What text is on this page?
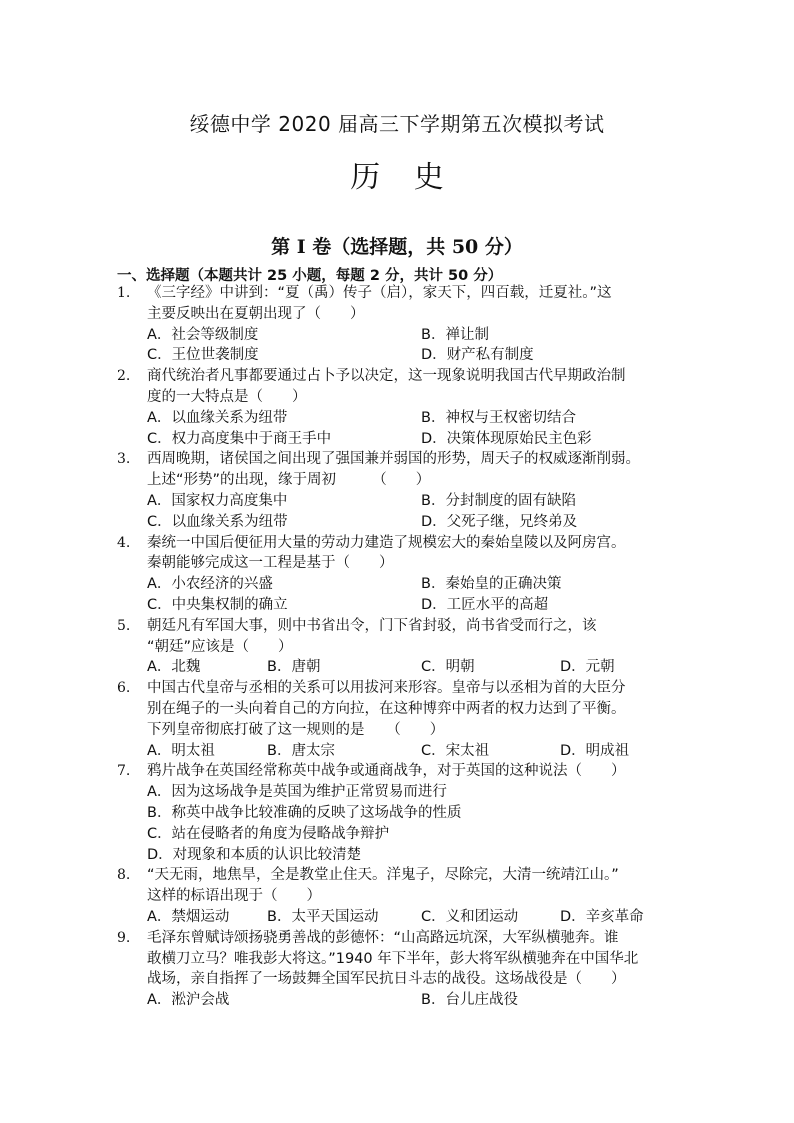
绥德中学 2020 届高三下学期第五次模拟考试
历 史
第 I 卷（选择题，共 50 分）
一、选择题（本题共计 25 小题，每题 2 分，共计 50 分）
1.	《三字经》中讲到：“夏（禹）传子（启），家天下，四百载，迁夏社。”这
主要反映出在夏朝出现了（　　）
A．社会等级制度	B．禅让制
C．王位世袭制度	D．财产私有制度
2.	商代统治者凡事都要通过占卜予以决定，这一现象说明我国古代早期政治制
度的一大特点是（　　）
A．以血缘关系为纽带	B．神权与王权密切结合
C．权力高度集中于商王手中	D．决策体现原始民主色彩
3.	西周晚期，诸侯国之间出现了强国兼并弱国的形势，周天子的权威逐渐削弱。
上述“形势”的出现，缘于周初　　　（　　）
A．国家权力高度集中	B．分封制度的固有缺陷
C．以血缘关系为纽带	D．父死子继，兄终弟及
4.	秦统一中国后便征用大量的劳动力建造了规模宏大的秦始皇陵以及阿房宫。
秦朝能够完成这一工程是基于（　　）
A．小农经济的兴盛	B．秦始皇的正确决策
C．中央集权制的确立	D．工匠水平的高超
5.	朝廷凡有军国大事，则中书省出令，门下省封驳，尚书省受而行之，该
“朝廷”应该是（　　）
A．北魏	B．唐朝	C．明朝	D．元朝
6.	中国古代皇帝与丞相的关系可以用拔河来形容。皇帝与以丞相为首的大臣分
别在绳子的一头向着自己的方向拉，在这种博弈中两者的权力达到了平衡。
下列皇帝彻底打破了这一规则的是　　（　　）
A．明太祖	B．唐太宗	C．宋太祖	D．明成祖
7.	鸦片战争在英国经常称英中战争或通商战争，对于英国的这种说法（　　）
A．因为这场战争是英国为维护正常贸易而进行
B．称英中战争比较准确的反映了这场战争的性质
C．站在侵略者的角度为侵略战争辩护
D．对现象和本质的认识比较清楚
8.	“天无雨，地焦旱，全是教堂止住天。洋鬼子，尽除完，大清一统靖江山。”
这样的标语出现于（　　）
A．禁烟运动	B．太平天国运动	C．义和团运动	D．辛亥革命
9.	毛泽东曾赋诗颂扬骁勇善战的彭德怀：“山高路远坑深，大军纵横驰奔。谁
敢横刀立马？唯我彭大将这。”1940 年下半年，彭大将军纵横驰奔在中国华北
战场，亲自指挥了一场鼓舞全国军民抗日斗志的战役。这场战役是（　　）
A．淞沪会战	B．台儿庄战役
